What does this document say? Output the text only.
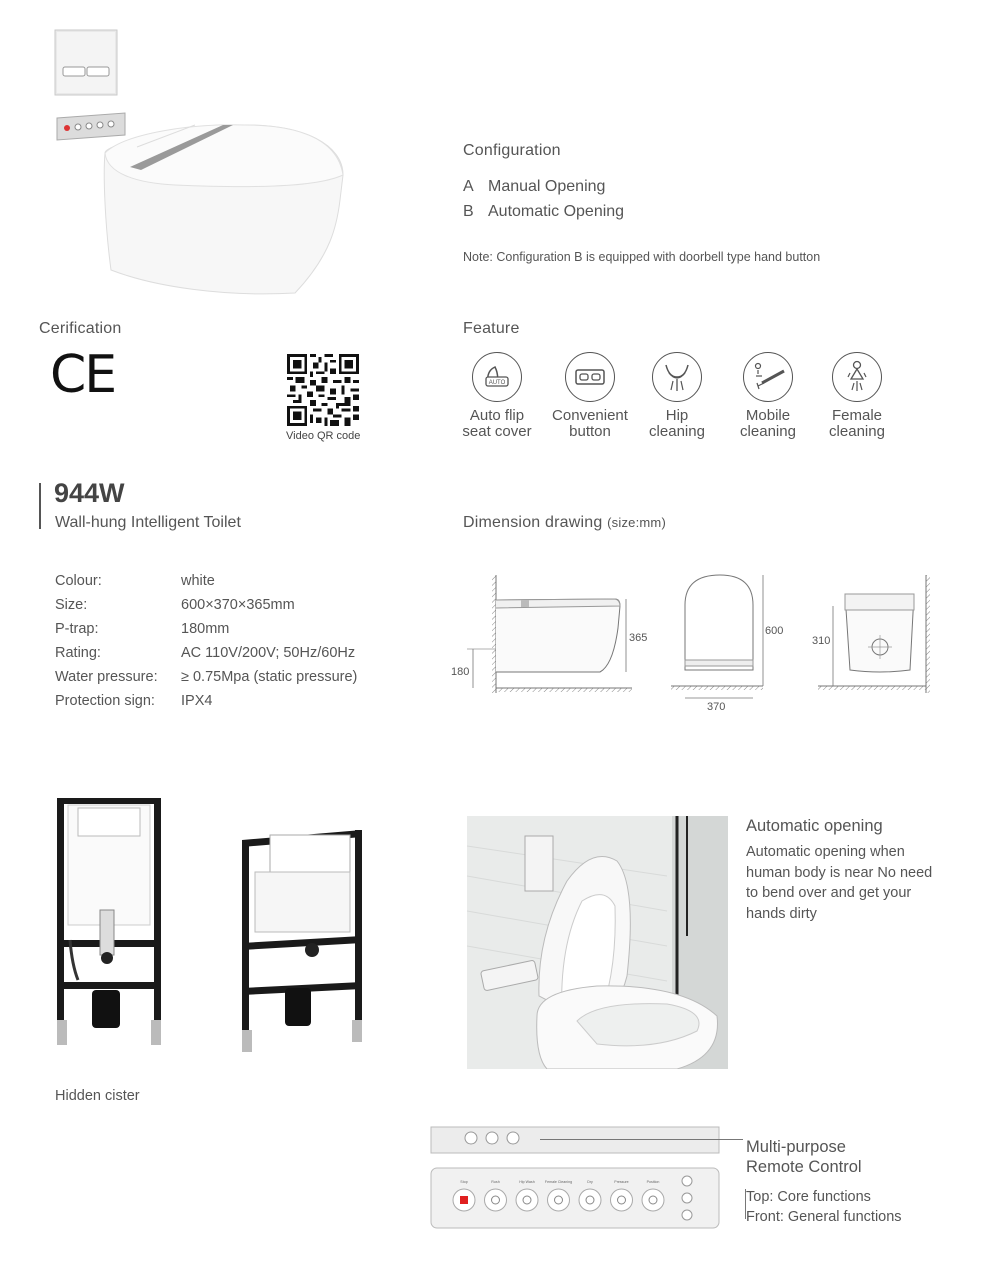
Configuration
A Manual Opening
B Automatic Opening
Note: Configuration B is equipped with doorbell type hand button
Cerification
CE
Video QR code
Feature
AUTO
Auto flip
seat cover
Convenient
button
Hip
cleaning
Mobile
cleaning
Female
cleaning
944W
Wall-hung Intelligent Toilet
Colour:	white
Size:	600×370×365mm
P-trap:	180mm
Rating:	AC 110V/200V; 50Hz/60Hz
Water pressure: ≥ 0.75Mpa (static pressure)
Protection sign: IPX4
Dimension drawing (size:mm)
365
180
600
370
310
Hidden cister
Automatic opening
Automatic opening when
human body is near No need
to bend over and get your
hands dirty
Stop	Rush	Hip Wash	Female Cleaning	Dry	Pressure	Position
Multi-purpose
Remote Control
Top: Core functions
Front: General functions
